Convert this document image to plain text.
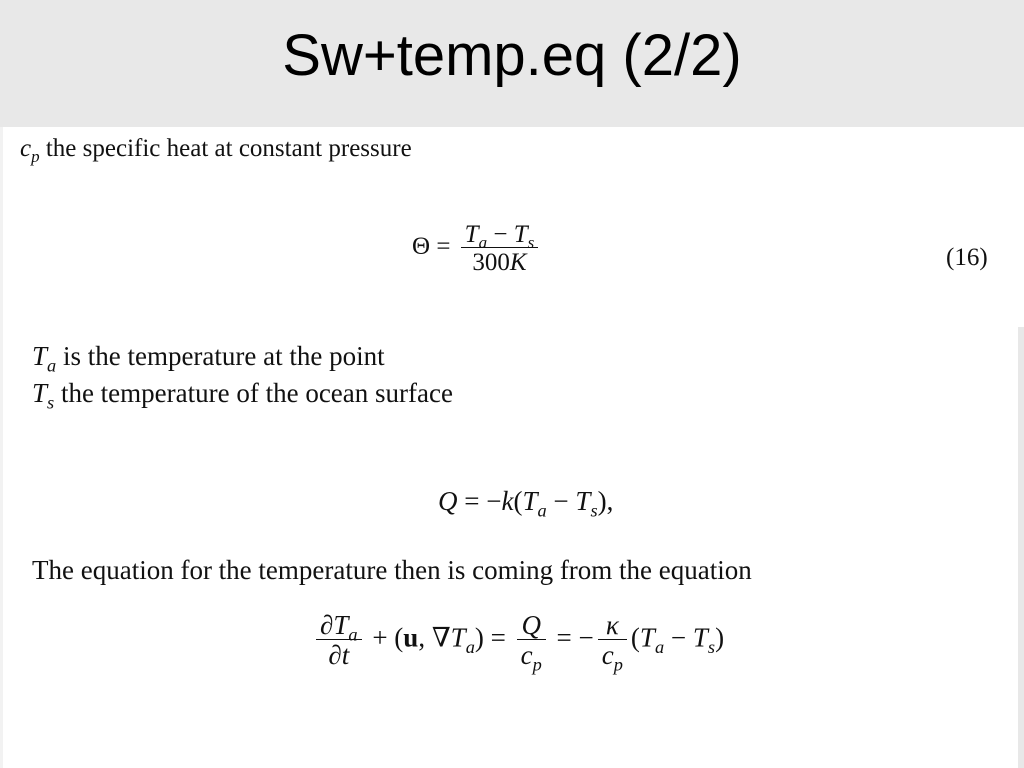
Sw+temp.eq (2/2)
$c_p$ the specific heat at constant pressure
$\Theta = \frac{T_a - T_s}{300K}$	(16)
$T_a$ is the temperature at the point
$T_s$ the temperature of the ocean surface
$Q = -k(T_a - T_s)$,
The equation for the temperature then is coming from the equation
$\frac{\partial T_a}{\partial t} + (u$, $\nabla T_a) = \frac{Q}{c_p}$ = − $\frac{\kappa}{c_p} (T_a - T_s)$
